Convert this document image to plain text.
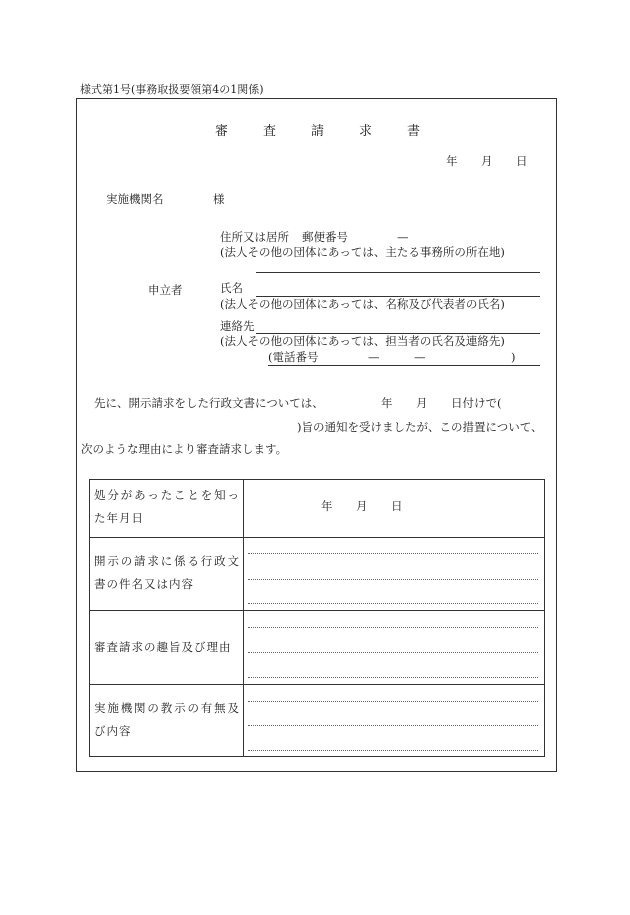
様式第1号(事務取扱要領第4の1関係)
審	査	請	求	書
年 月 日
実施機関名	様
住所又は居所 郵便番号	—
(法人その他の団体にあっては、主たる事務所の所在地)
申立者	氏名
(法人その他の団体にあっては、名称及び代表者の氏名)
連絡先
(法人その他の団体にあっては、担当者の氏名及連絡先)
(電話番号	—	—	)
先に、開示請求をした行政文書については、	年 月 日付けで(
)旨の通知を受けましたが、この措置について、
次のような理由により審査請求します。
処分があったことを知った年月日
年 月 日
開示の請求に係る行政文書の件名又は内容
審査請求の趣旨及び理由
実施機関の教示の有無及び内容
